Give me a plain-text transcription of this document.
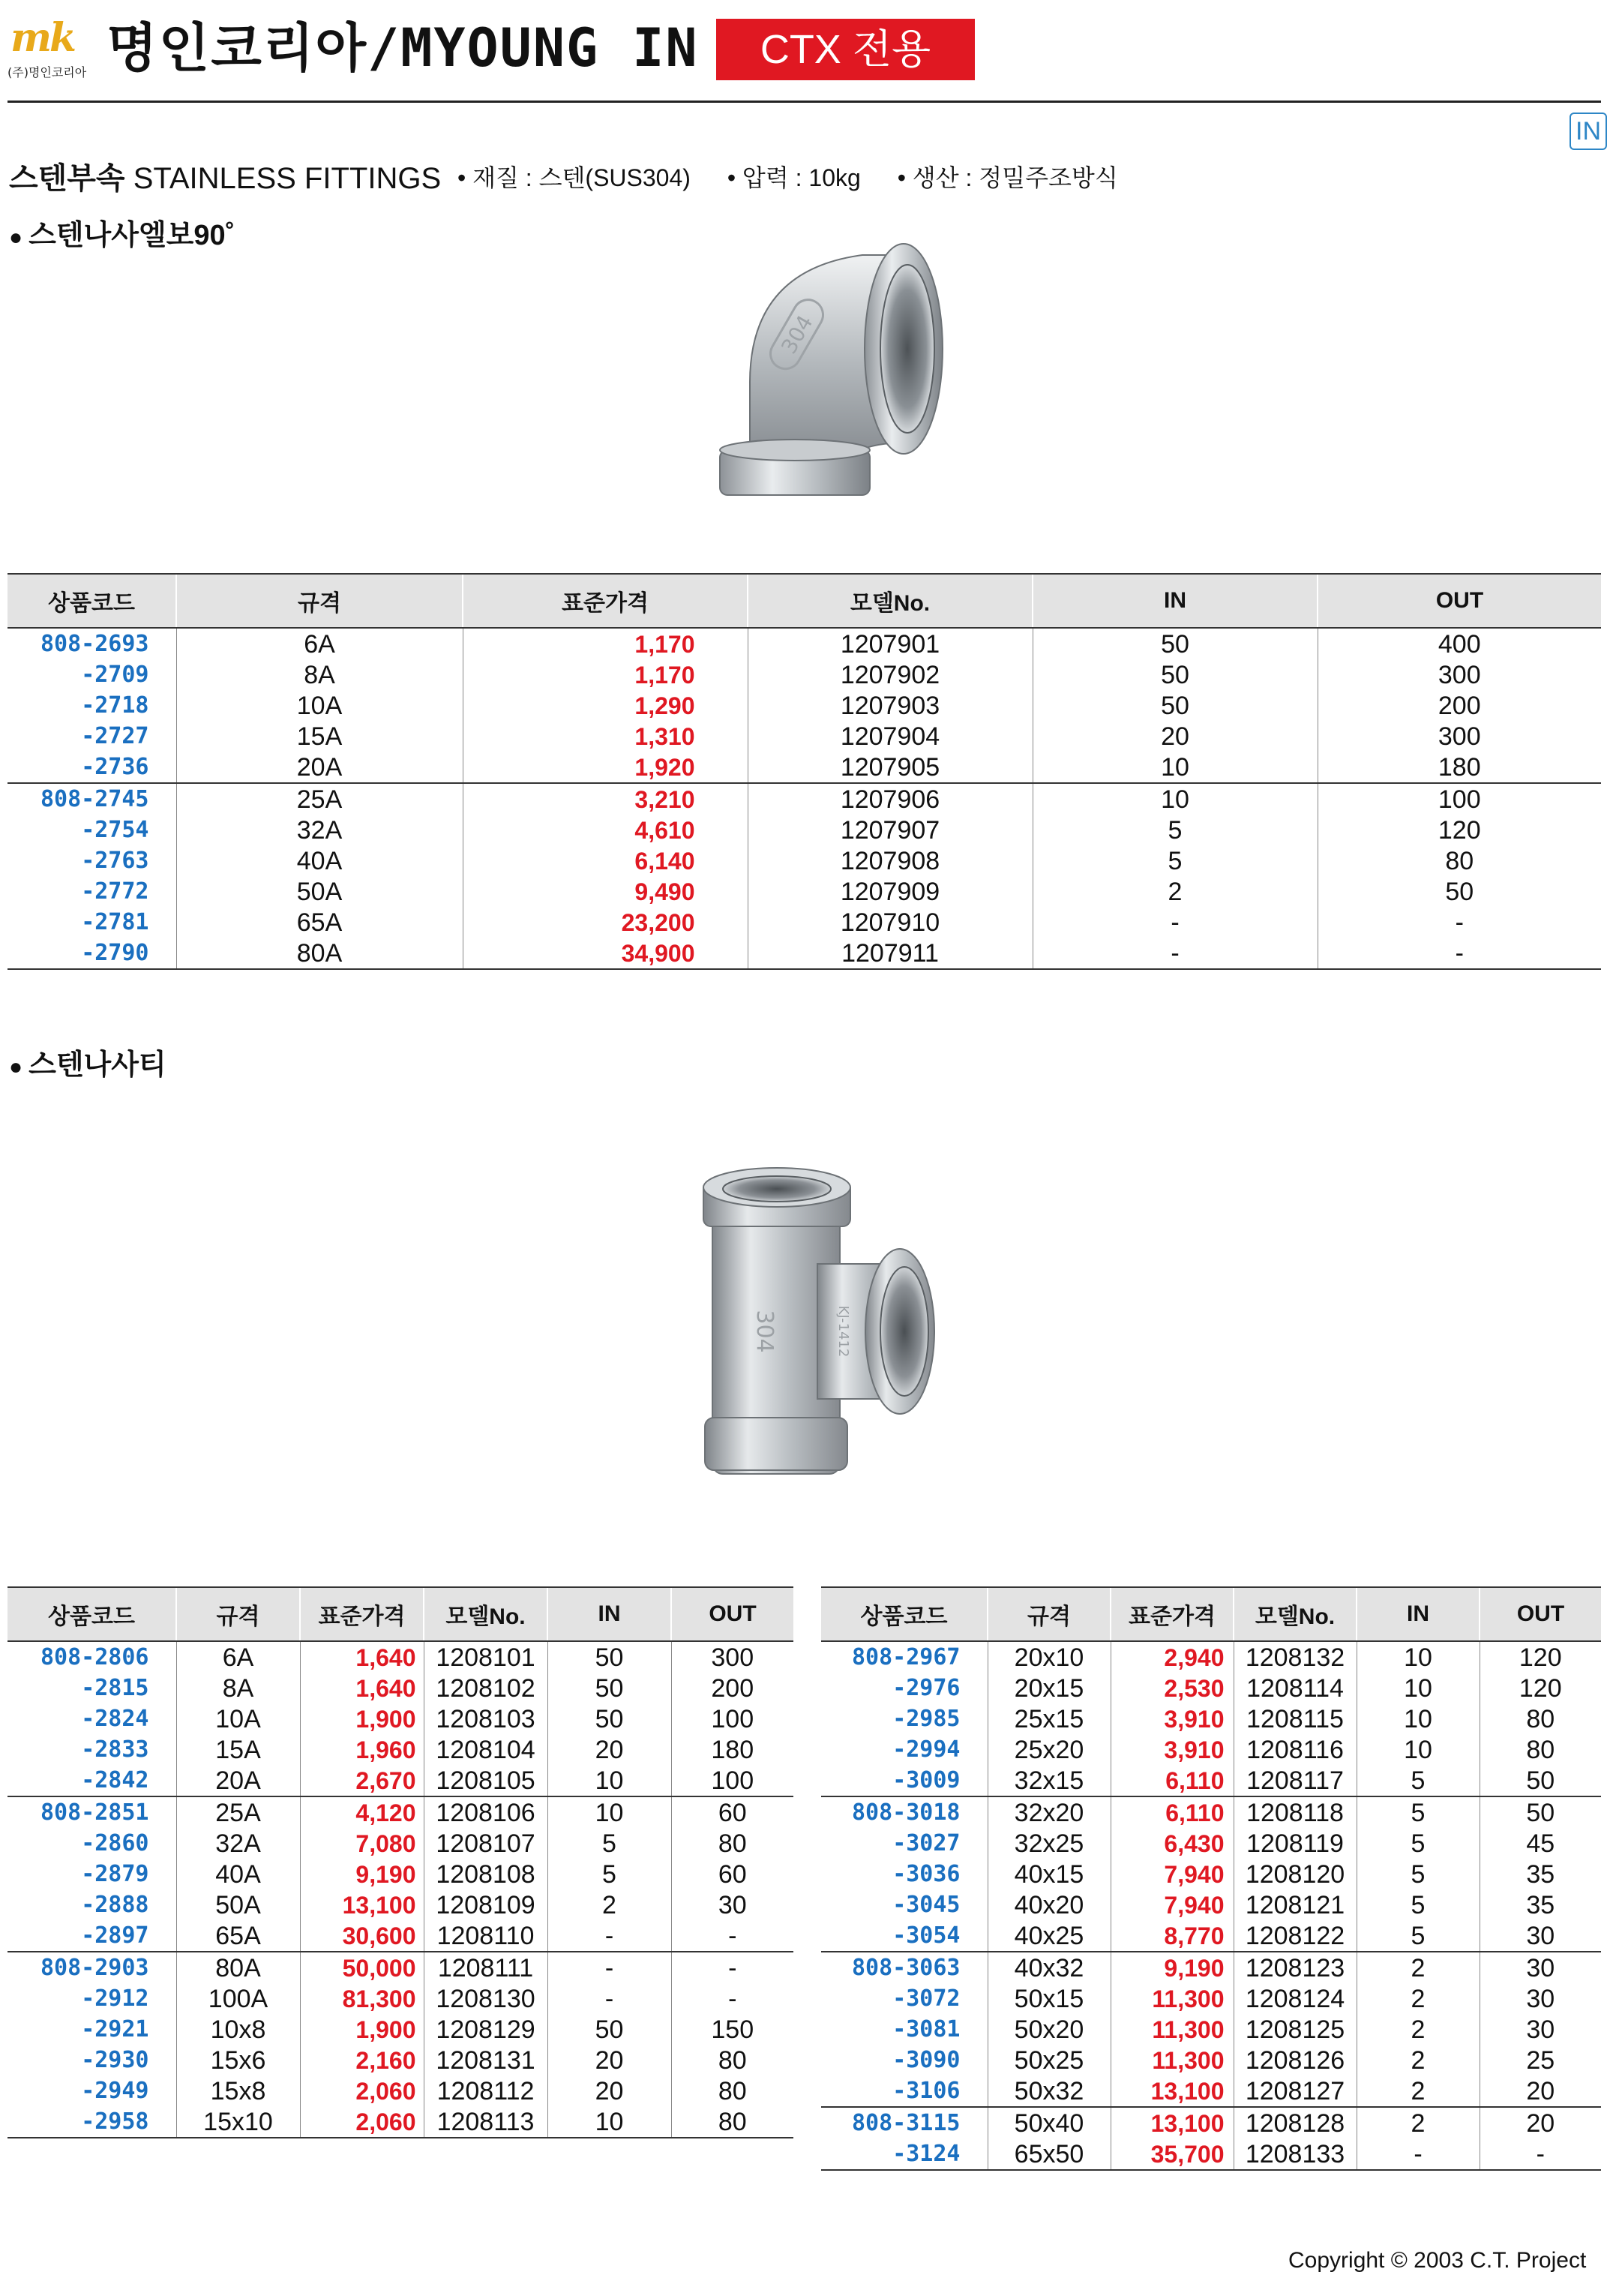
mk
(주)명인코리아 명인코리아/MYOUNG IN	CTX 전용
IN
스텐부속 STAINLESS FITTINGS • 재질 : 스텐(SUS304) • 압력 : 10kg • 생산 : 정밀주조방식
● 스텐나사엘보90˚
304
상품코드	규격	표준가격	모델No.	IN	OUT
808-2693	6A	1,170	1207901	50	400
-2709	8A	1,170	1207902	50	300
-2718	10A	1,290	1207903	50	200
-2727	15A	1,310	1207904	20	300
-2736	20A	1,920	1207905	10	180
808-2745	25A	3,210	1207906	10	100
-2754	32A	4,610	1207907	5	120
-2763	40A	6,140	1207908	5	80
-2772	50A	9,490	1207909	2	50
-2781	65A	23,200	1207910	-	-
-2790	80A	34,900	1207911	-	-
● 스텐나사티
304	KJ-1412
상품코드	규격	표준가격	모델No.	IN	OUT
808-2806	6A	1,640	1208101	50	300
-2815	8A	1,640	1208102	50	200
-2824	10A	1,900	1208103	50	100
-2833	15A	1,960	1208104	20	180
-2842	20A	2,670	1208105	10	100
808-2851	25A	4,120	1208106	10	60
-2860	32A	7,080	1208107	5	80
-2879	40A	9,190	1208108	5	60
-2888	50A	13,100	1208109	2	30
-2897	65A	30,600	1208110	-	-
808-2903	80A	50,000	1208111	-	-
-2912	100A	81,300	1208130	-	-
-2921	10x8	1,900	1208129	50	150
-2930	15x6	2,160	1208131	20	80
-2949	15x8	2,060	1208112	20	80
-2958	15x10	2,060	1208113	10	80
상품코드	규격	표준가격	모델No.	IN	OUT
808-2967	20x10	2,940	1208132	10	120
-2976	20x15	2,530	1208114	10	120
-2985	25x15	3,910	1208115	10	80
-2994	25x20	3,910	1208116	10	80
-3009	32x15	6,110	1208117	5	50
808-3018	32x20	6,110	1208118	5	50
-3027	32x25	6,430	1208119	5	45
-3036	40x15	7,940	1208120	5	35
-3045	40x20	7,940	1208121	5	35
-3054	40x25	8,770	1208122	5	30
808-3063	40x32	9,190	1208123	2	30
-3072	50x15	11,300	1208124	2	30
-3081	50x20	11,300	1208125	2	30
-3090	50x25	11,300	1208126	2	25
-3106	50x32	13,100	1208127	2	20
808-3115	50x40	13,100	1208128	2	20
-3124	65x50	35,700	1208133	-	-
Copyright © 2003 C.T. Project
